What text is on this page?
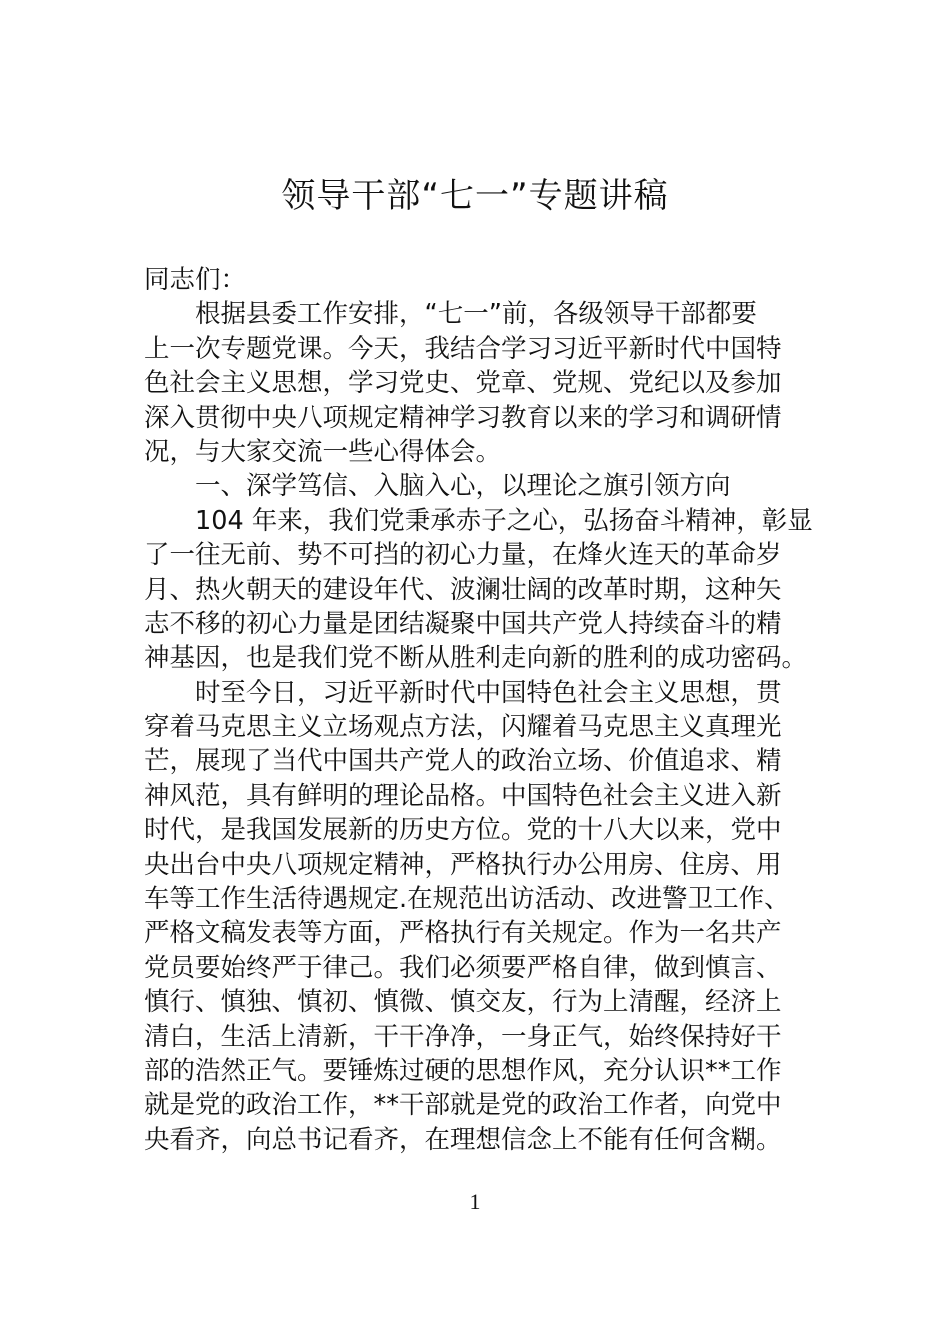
领导干部“七一”专题讲稿
同志们：
根据县委工作安排，“七一”前，各级领导干部都要
上一次专题党课。今天，我结合学习习近平新时代中国特
色社会主义思想，学习党史、党章、党规、党纪以及参加
深入贯彻中央八项规定精神学习教育以来的学习和调研情
况，与大家交流一些心得体会。
一、深学笃信、入脑入心，以理论之旗引领方向
104 年来，我们党秉承赤子之心，弘扬奋斗精神，彰显
了一往无前、势不可挡的初心力量，在烽火连天的革命岁
月、热火朝天的建设年代、波澜壮阔的改革时期，这种矢
志不移的初心力量是团结凝聚中国共产党人持续奋斗的精
神基因，也是我们党不断从胜利走向新的胜利的成功密码。
时至今日，习近平新时代中国特色社会主义思想，贯
穿着马克思主义立场观点方法，闪耀着马克思主义真理光
芒，展现了当代中国共产党人的政治立场、价值追求、精
神风范，具有鲜明的理论品格。中国特色社会主义进入新
时代，是我国发展新的历史方位。党的十八大以来，党中
央出台中央八项规定精神，严格执行办公用房、住房、用
车等工作生活待遇规定.在规范出访活动、改进警卫工作、
严格文稿发表等方面，严格执行有关规定。作为一名共产
党员要始终严于律己。我们必须要严格自律，做到慎言、
慎行、慎独、慎初、慎微、慎交友，行为上清醒，经济上
清白，生活上清新，干干净净，一身正气，始终保持好干
部的浩然正气。要锤炼过硬的思想作风，充分认识**工作
就是党的政治工作，**干部就是党的政治工作者，向党中
央看齐，向总书记看齐，在理想信念上不能有任何含糊。
1
